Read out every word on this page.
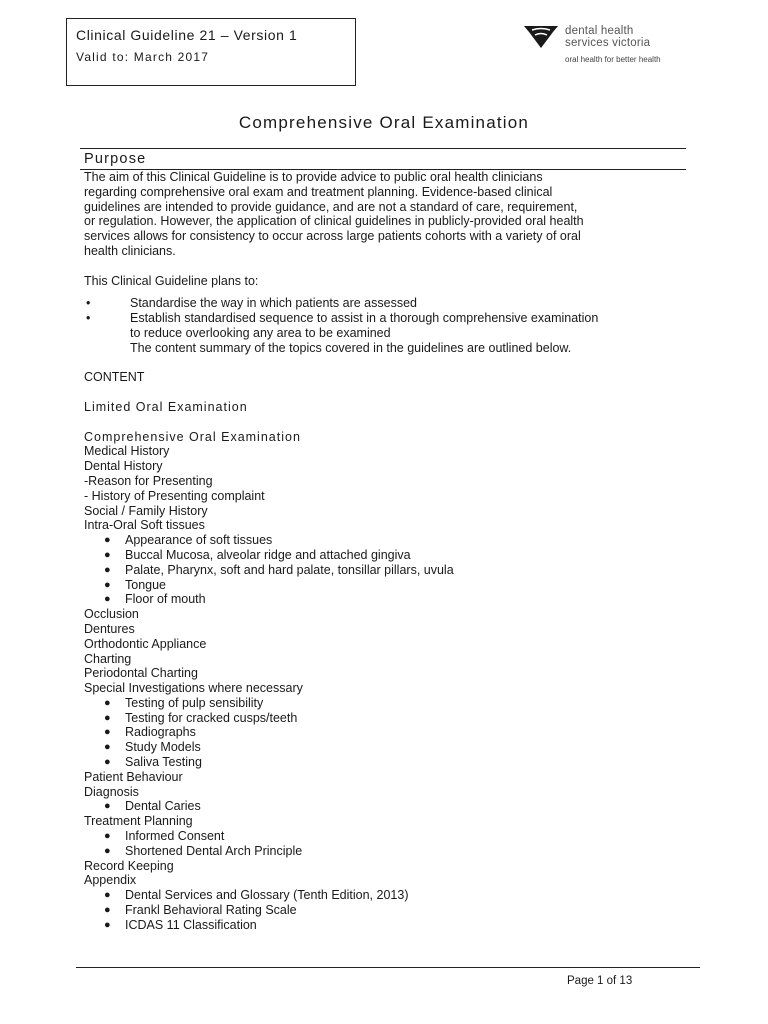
Clinical Guideline 21 – Version 1
Valid to: March 2017
dental health
services victoria
oral health for better health
Comprehensive Oral Examination
Purpose
The aim of this Clinical Guideline is to provide advice to public oral health clinicians
regarding comprehensive oral exam and treatment planning. Evidence-based clinical
guidelines are intended to provide guidance, and are not a standard of care, requirement,
or regulation. However, the application of clinical guidelines in publicly-provided oral health
services allows for consistency to occur across large patients cohorts with a variety of oral
health clinicians.
This Clinical Guideline plans to:
•	Standardise the way in which patients are assessed
•	Establish standardised sequence to assist in a thorough comprehensive examination
to reduce overlooking any area to be examined
The content summary of the topics covered in the guidelines are outlined below.
CONTENT
Limited Oral Examination
Comprehensive Oral Examination
Medical History
Dental History
-Reason for Presenting
- History of Presenting complaint
Social / Family History
Intra-Oral Soft tissues
● Appearance of soft tissues
● Buccal Mucosa, alveolar ridge and attached gingiva
● Palate, Pharynx, soft and hard palate, tonsillar pillars, uvula
● Tongue
● Floor of mouth
Occlusion
Dentures
Orthodontic Appliance
Charting
Periodontal Charting
Special Investigations where necessary
● Testing of pulp sensibility
● Testing for cracked cusps/teeth
● Radiographs
● Study Models
● Saliva Testing
Patient Behaviour
Diagnosis
● Dental Caries
Treatment Planning
● Informed Consent
● Shortened Dental Arch Principle
Record Keeping
Appendix
● Dental Services and Glossary (Tenth Edition, 2013)
● Frankl Behavioral Rating Scale
● ICDAS 11 Classification
Page 1 of 13
